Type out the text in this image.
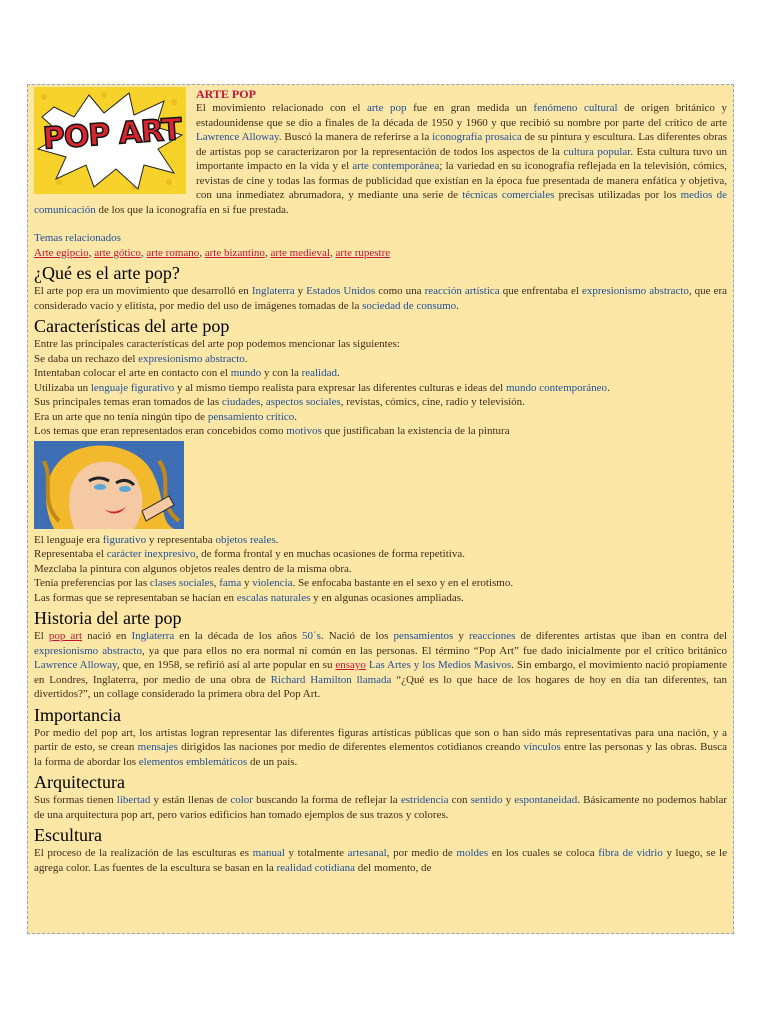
POP ART
ARTE POP

El movimiento relacionado con el arte pop fue en gran medida un fenómeno cultural de origen británico y estadounidense que se dio a finales de la década de 1950 y 1960 y que recibió su nombre por parte del crítico de arte Lawrence Alloway. Buscó la manera de referirse a la iconografía prosaica de su pintura y escultura. Las diferentes obras de artistas pop se caracterizaron por la representación de todos los aspectos de la cultura popular. Esta cultura tuvo un importante impacto en la vida y el arte contemporánea; la variedad en su iconografía reflejada en la televisión, cómics, revistas de cine y todas las formas de publicidad que existían en la época fue presentada de manera enfática y objetiva, con una inmediatez abrumadora, y mediante una serie de técnicas comerciales precisas utilizadas por los medios de comunicación de los que la iconografía en sí fue prestada.

Temas relacionados

Arte egipcio, arte gótico, arte romano, arte bizantino, arte medieval, arte rupestre

¿Qué es el arte pop?

El arte pop era un movimiento que desarrolló en Inglaterra y Estados Unidos como una reacción artística que enfrentaba el expresionismo abstracto, que era considerado vacío y elitista, por medio del uso de imágenes tomadas de la sociedad de consumo.

Características del arte pop

Entre las principales características del arte pop podemos mencionar las siguientes:

Se daba un rechazo del expresionismo abstracto.

Intentaban colocar el arte en contacto con el mundo y con la realidad.

Utilizaba un lenguaje figurativo y al mismo tiempo realista para expresar las diferentes culturas e ideas del mundo contemporáneo.

Sus principales temas eran tomados de las ciudades, aspectos sociales, revistas, cómics, cine, radio y televisión.

Era un arte que no tenía ningún tipo de pensamiento crítico.

Los temas que eran representados eran concebidos como motivos que justificaban la existencia de la pintura

El lenguaje era figurativo y representaba objetos reales.

Representaba el carácter inexpresivo, de forma frontal y en muchas ocasiones de forma repetitiva.

Mezclaba la pintura con algunos objetos reales dentro de la misma obra.

Tenía preferencias por las clases sociales, fama y violencia. Se enfocaba bastante en el sexo y en el erotismo.

Las formas que se representaban se hacían en escalas naturales y en algunas ocasiones ampliadas.

Historia del arte pop

El pop art nació en Inglaterra en la década de los años 50´s. Nació de los pensamientos y reacciones de diferentes artistas que iban en contra del expresionismo abstracto, ya que para ellos no era normal ni común en las personas. El término “Pop Art” fue dado inicialmente por el crítico británico Lawrence Alloway, que, en 1958, se refirió así al arte popular en su ensayo Las Artes y los Medios Masivos. Sin embargo, el movimiento nació propiamente en Londres, Inglaterra, por medio de una obra de Richard Hamilton llamada “¿Qué es lo que hace de los hogares de hoy en día tan diferentes, tan divertidos?”, un collage considerado la primera obra del Pop Art.

Importancia

Por medio del pop art, los artistas logran representar las diferentes figuras artísticas públicas que son o han sido más representativas para una nación, y a partir de esto, se crean mensajes dirigidos las naciones por medio de diferentes elementos cotidianos creando vínculos entre las personas y las obras. Busca la forma de abordar los elementos emblemáticos de un país.

Arquitectura

Sus formas tienen libertad y están llenas de color buscando la forma de reflejar la estridencia con sentido y espontaneidad. Básicamente no podemos hablar de una arquitectura pop art, pero varios edificios han tomado ejemplos de sus trazos y colores.

Escultura

El proceso de la realización de las esculturas es manual y totalmente artesanal, por medio de moldes en los cuales se coloca fibra de vidrio y luego, se le agrega color. Las fuentes de la escultura se basan en la realidad cotidiana del momento, de
